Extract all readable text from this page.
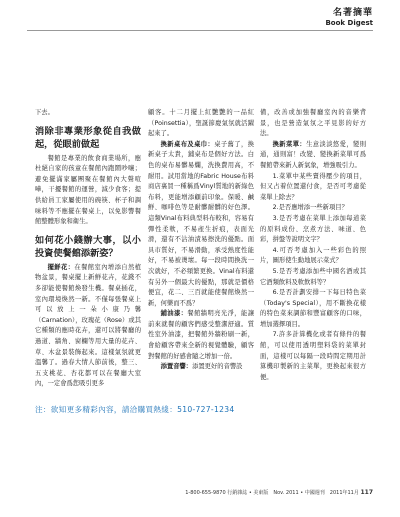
名著摘華
Book Digest

下去。

消除非專業形象從自我做起，從眼前做起

餐館是專業的飲食商業場所，應杜絕自家的孩童在餐館內跑鬧吵嚷；避免擺滿家屬團聚在餐館內大聲喧嘩，干擾餐館的運營，減少食客；提供給員工家屬使用的碗筷、杯子和調味料等不應擺在餐桌上，以免影響餐館整體形象和衛生。

如何花小錢辦大事，以小投資使餐館添新姿？

擺鮮花：在餐館室內增添自然植物盆景，餐桌擺上新鮮花卉，花錢不多卻能使餐館煥發生機。餐桌插花，室內環境煥然一新。不僅每張餐桌上可以放上一朵小康乃馨（Carnation），玫瑰花（Rose）或其它種類的應時花卉，還可以將餐廳的過道、牆角、窗欄等用大量的花卉、草、木盆景裝飾起來。這樣氣氛就更溫馨了。過春大情人節前後，整三、五支桃花、杏花都可以在餐廳大室內，一定會爲您吸引更多

顧客。十二月擺上紅艷艷的一品紅（Poinsettia），聖誕節慶氣氛就活躍起來了。

換新桌布及桌巾：桌子舊了，換新桌子太貴，鋪桌布是個好方法。白色的桌布易髒易爛，洗換費用高，不耐用。試用當地的Fabric House布料商店裏買一種稱爲Vinyl質地的新綠色布料，更能增添顧前印象。保暖、鹹鮮、咖啡色等是耐髒耐髒的好色澤。這類Vinal布料典型料布較和，容易有彈性柔軟，不易產生折痕，表面光滑，還有不沾油漬易擦洗的優點。面具市質好，不易滑動，承受熱度性能好，不易被燙壞。每一段時間換洗一次就好，不必頻繁更換。Vinal布料還有另外一個最大的優點，那就是價格便宜，花二、三百就能使餐館煥然一新，何樂而不爲？

鋪油漆：餐館牆明亮光淨，能讓前來就餐的顧客們感受整潔舒適。質性室外油漆，把餐館外牆粉刷一新，會給顧客帶來全新的視覺體驗，顧客對餐館的好感會隨之增加一倍。

添置音響：添置更好的音響設

備，改善或加強餐廳室內的音樂背景，也是營造氣氛之平見影的好方法。

換新菜單：生意淡淡悠愛，變則通，通則富！改變、變換新菜單可爲餐館帶來新人新氣象，增強吸引力。

1.菜單中某些賣得壓少的項目，但又占着位置還付食，是否可考慮從菜單上除去？

2.是否應增添一些新項目？

3.是否考慮在菜單上添加每道菜的原料成份、烹煮方法、味道、色彩，拼盤等說明文字？

4.可否考慮加入一些彩色的照片，圖形使生動地展示菜式？

5.是否考慮添加些中國名酒或其它酒類飲料及軟飲料等？

6.是否計劃安排一下每日特色菜（Today's Special），用不斷換花樣的特色菜來調節和豐富顧客的口味，增加選擇項目。

7.許多計算機化或者有條件的餐館，可以使用透明塑料袋的菜單封面，這樣可以每隔一段時間定期用計算機印製新的主菜單，更換起來很方便。

注：欲知更多精彩內容，請洽購買熱綫：510-727-1234
1-800-655-9870 行銷雜誌 • 美東版　Nov. 2011 • 中國週刊　2011年11月 117
